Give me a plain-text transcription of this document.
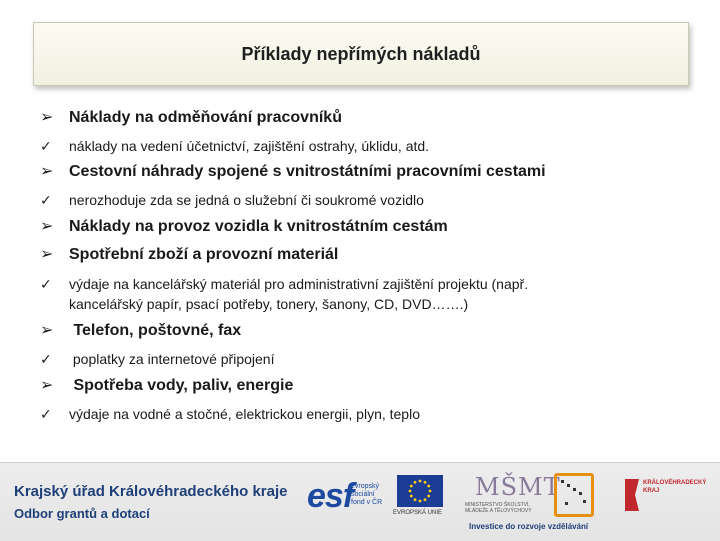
Příklady nepřímých nákladů
➢ Náklady na odměňování pracovníků
✓	náklady na vedení účetnictví, zajištění ostrahy, úklidu, atd.
➢ Cestovní náhrady spojené s vnitrostátními pracovními cestami
✓	nerozhoduje zda se jedná o služební či soukromé vozidlo
➢ Náklady na provoz vozidla k vnitrostátním cestám
➢ Spotřební zboží a provozní materiál
✓	výdaje na kancelářský materiál pro administrativní zajištění projektu (např.
kancelářský papír, psací potřeby, tonery, šanony, CD, DVD…….)
➢ Telefon, poštovné, fax
✓	poplatky za internetové připojení
➢ Spotřeba vody, paliv, energie
✓	výdaje na vodné a stočné, elektrickou energii, plyn, teplo
Krajský úřad Královéhradeckého kraje
Odbor grantů a dotací	esf
evropský
sociální
fond v ČR
EVROPSKÁ UNIE
MŠMT
MINISTERSTVO ŠKOLSTVÍ,
MLÁDEŽE A TĚLOVÝCHOVY
KRÁLOVÉHRADECKÝ
KRAJ
Investice do rozvoje vzdělávání
